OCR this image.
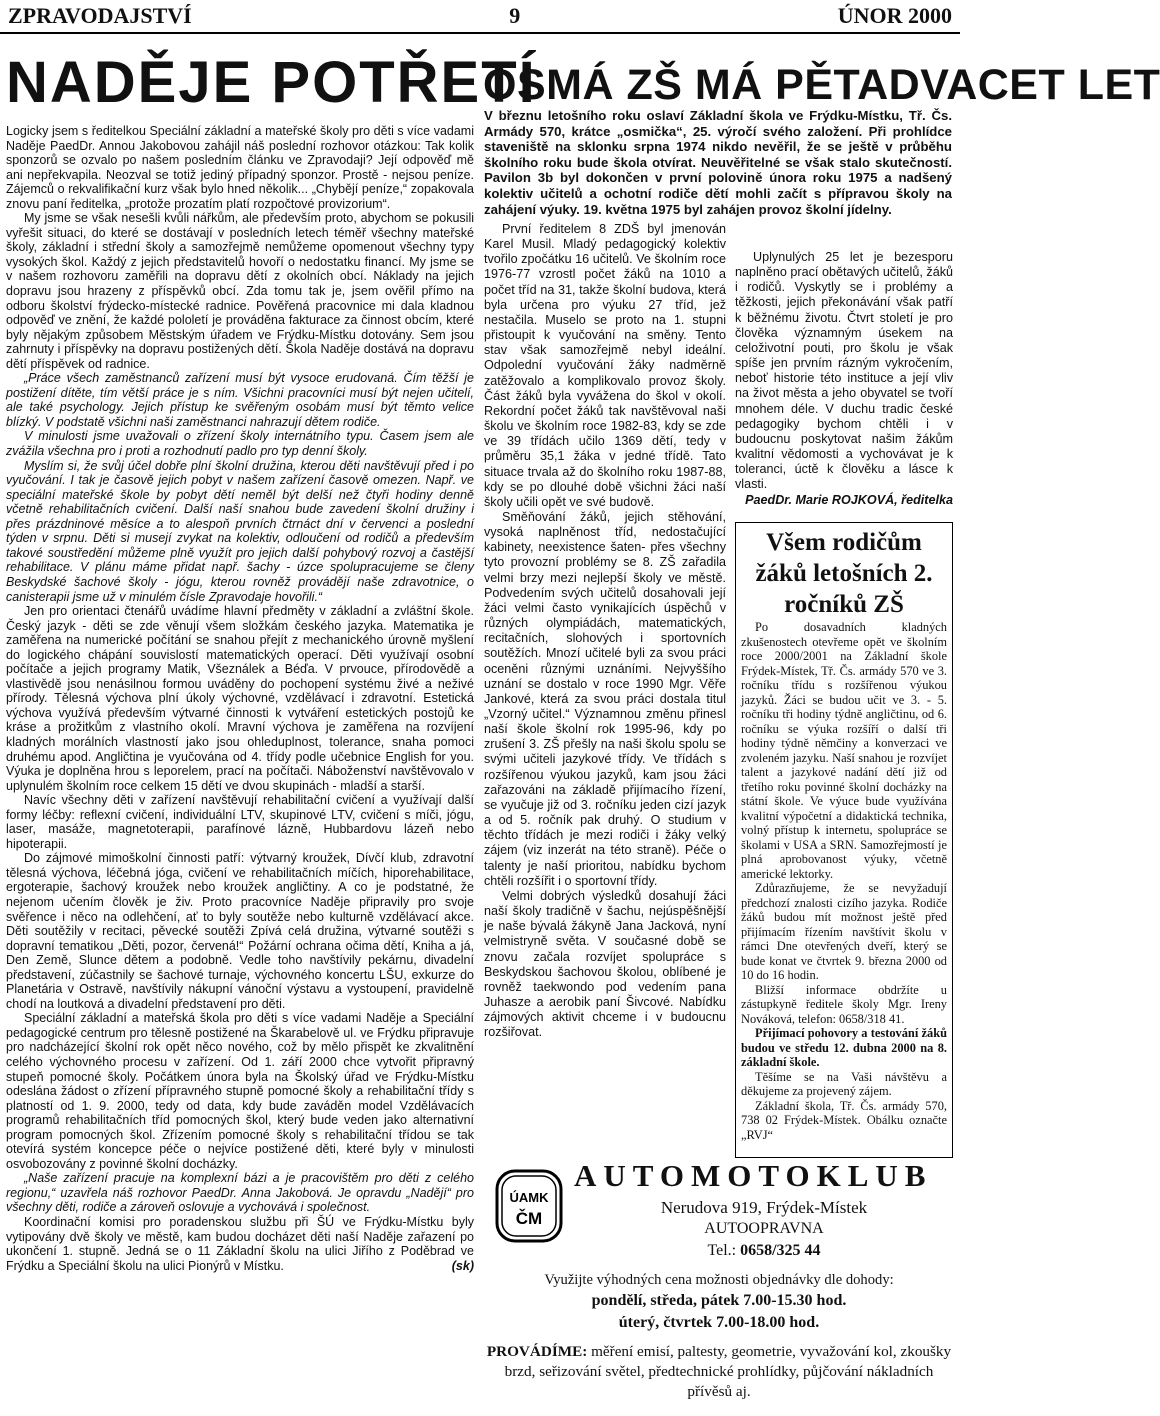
ZPRAVODAJSTVÍ	9	ÚNOR 2000
NADĚJE POTŘETÍ

Logicky jsem s ředitelkou Speciální základní a mateřské školy pro děti s více vadami Naděje PaedDr. Annou Jakobovou zahájil náš poslední rozhovor otázkou: Tak kolik sponzorů se ozvalo po našem posledním článku ve Zpravodaji? Její odpověď mě ani nepřekvapila. Neozval se totiž jediný případný sponzor. Prostě - nejsou peníze. Zájemců o rekvalifikační kurz však bylo hned několik... „Chybějí peníze,“ zopakovala znovu paní ředitelka, „protože prozatím platí rozpočtové provizorium“.

My jsme se však nesešli kvůli nářkům, ale především proto, abychom se pokusili vyřešit situaci, do které se dostávají v posledních letech téměř všechny mateřské školy, základní i střední školy a samozřejmě nemůžeme opomenout všechny typy vysokých škol. Každý z jejich představitelů hovoří o nedostatku financí. My jsme se v našem rozhovoru zaměřili na dopravu dětí z okolních obcí. Náklady na jejich dopravu jsou hrazeny z příspěvků obcí. Zda tomu tak je, jsem ověřil přímo na odboru školství frýdecko-místecké radnice. Pověřená pracovnice mi dala kladnou odpověď ve znění, že každé pololetí je prováděna fakturace za činnost obcím, které byly nějakým způsobem Městským úřadem ve Frýdku-Místku dotovány. Sem jsou zahrnuty i příspěvky na dopravu postižených dětí. Škola Naděje dostává na dopravu dětí příspěvek od radnice.

„Práce všech zaměstnanců zařízení musí být vysoce erudovaná. Čím těžší je postižení dítěte, tím větší práce je s ním. Všichni pracovníci musí být nejen učitelí, ale také psychology. Jejich přístup ke svěřeným osobám musí být těmto velice blízký. V podstatě všichni naši zaměstnanci nahrazují dětem rodiče.

V minulosti jsme uvažovali o zřízení školy internátního typu. Časem jsem ale zvážila všechna pro i proti a rozhodnutí padlo pro typ denní školy.

Myslím si, že svůj účel dobře plní školní družina, kterou děti navštěvují před i po vyučování. I tak je časově jejich pobyt v našem zařízení časově omezen. Např. ve speciální mateřské škole by pobyt dětí neměl být delší než čtyři hodiny denně včetně rehabilitačních cvičení. Další naší snahou bude zavedení školní družiny i přes prázdninové měsíce a to alespoň prvních čtrnáct dní v červenci a poslední týden v srpnu. Děti si musejí zvykat na kolektiv, odloučení od rodičů a především takové soustředění můžeme plně využít pro jejich další pohybový rozvoj a častější rehabilitace. V plánu máme přidat např. šachy - úzce spolupracujeme se členy Beskydské šachové školy - jógu, kterou rovněž provádějí naše zdravotnice, o canisterapii jsme už v minulém čísle Zpravodaje hovořili.“

Jen pro orientaci čtenářů uvádíme hlavní předměty v základní a zvláštní škole. Český jazyk - děti se zde věnují všem složkám českého jazyka. Matematika je zaměřena na numerické počítání se snahou přejít z mechanického úrovně myšlení do logického chápání souvislostí matematických operací. Děti využívají osobní počítače a jejich programy Matik, Všeználek a Béďa. V prvouce, přírodovědě a vlastivědě jsou nenásilnou formou uváděny do pochopení systému živé a neživé přírody. Tělesná výchova plní úkoly výchovné, vzdělávací i zdravotní. Estetická výchova využívá především výtvarné činnosti k vytváření estetických postojů ke kráse a prožitkům z vlastního okolí. Mravní výchova je zaměřena na rozvíjení kladných morálních vlastností jako jsou ohleduplnost, tolerance, snaha pomoci druhému apod. Angličtina je vyučována od 4. třídy podle učebnice English for you. Výuka je doplněna hrou s leporelem, prací na počítači. Náboženství navštěvovalo v uplynulém školním roce celkem 15 dětí ve dvou skupinách - mladší a starší.

Navíc všechny děti v zařízení navštěvují rehabilitační cvičení a využívají další formy léčby: reflexní cvičení, individuální LTV, skupinové LTV, cvičení s míči, jógu, laser, masáže, magnetoterapii, parafínové lázně, Hubbardovu lázeň nebo hipoterapii.

Do zájmové mimoškolní činnosti patří: výtvarný kroužek, Dívčí klub, zdravotní tělesná výchova, léčebná jóga, cvičení ve rehabilitačních míčích, hiporehabilitace, ergoterapie, šachový kroužek nebo kroužek angličtiny. A co je podstatné, že nejenom učením člověk je živ. Proto pracovníce Naděje připravily pro svoje svěřence i něco na odlehčení, ať to byly soutěže nebo kulturně vzdělávací akce. Děti soutěžily v recitaci, pěvecké soutěži Zpívá celá družina, výtvarné soutěži s dopravní tematikou „Děti, pozor, červená!“ Požární ochrana očima dětí, Kniha a já, Den Země, Slunce dětem a podobně. Vedle toho navštívily pekárnu, divadelní představení, zúčastnily se šachové turnaje, výchovného koncertu LŠU, exkurze do Planetária v Ostravě, navštívily nákupní vánoční výstavu a vystoupení, pravidelně chodí na loutková a divadelní představení pro děti.

Speciální základní a mateřská škola pro děti s více vadami Naděje a Speciální pedagogické centrum pro tělesně postižené na Škarabelově ul. ve Frýdku připravuje pro nadcházející školní rok opět něco nového, což by mělo přispět ke zkvalitnění celého výchovného procesu v zařízení. Od 1. září 2000 chce vytvořit připravný stupeň pomocné školy. Počátkem února byla na Školský úřad ve Frýdku-Místku odeslána žádost o zřízení přípravného stupně pomocné školy a rehabilitační třídy s platností od 1. 9. 2000, tedy od data, kdy bude zaváděn model Vzdělávacích programů rehabilitačních tříd pomocných škol, který bude veden jako alternativní program pomocných škol. Zřízením pomocné školy s rehabilitační třídou se tak otevírá systém koncepce péče o nejvíce postižené děti, které byly v minulosti osvobozovány z povinné školní docházky.

„Naše zařízení pracuje na komplexní bázi a je pracovištěm pro děti z celého regionu,“ uzavřela náš rozhovor PaedDr. Anna Jakobová. Je opravdu „Nadějí“ pro všechny děti, rodiče a zároveň oslovuje a vychovává i společnost.

Koordinační komisi pro poradenskou službu při ŠÚ ve Frýdku-Místku byly vytipovány dvě školy ve městě, kam budou docházet děti naší Naděje zařazení po ukončení 1. stupně. Jedná se o 11 Základní školu na ulici Jiřího z Poděbrad ve Frýdku a Speciální školu na ulici Pionýrů v Místku.	(sk)

OSMÁ ZŠ MÁ PĚTADVACET LET
V březnu letošního roku oslaví Základní škola ve Frýdku-Místku, Tř. Čs. Armády 570, krátce „osmička“, 25. výročí svého založení. Při prohlídce staveniště na sklonku srpna 1974 nikdo nevěřil, že se ještě v průběhu školního roku bude škola otvírat. Neuvěřitelné se však stalo skutečností. Pavilon 3b byl dokončen v první polovině února roku 1975 a nadšený kolektiv učitelů a ochotní rodiče dětí mohli začít s přípravou školy na zahájení výuky. 19. května 1975 byl zahájen provoz školní jídelny.

První ředitelem 8 ZDŠ byl jmenován Karel Musil. Mladý pedagogický kolektiv tvořilo zpočátku 16 učitelů. Ve školním roce 1976-77 vzrostl počet žáků na 1010 a počet tříd na 31, takže školní budova, která byla určena pro výuku 27 tříd, jež nestačila. Muselo se proto na 1. stupni přistoupit k vyučování na směny. Tento stav však samozřejmě nebyl ideální. Odpolední vyučování žáky nadměrně zatěžovalo a komplikovalo provoz školy. Část žáků byla vyvážena do škol v okolí. Rekordní počet žáků tak navštěvoval naši školu ve školním roce 1982-83, kdy se zde ve 39 třídách učilo 1369 dětí, tedy v průměru 35,1 žáka v jedné třídě. Tato situace trvala až do školního roku 1987-88, kdy se po dlouhé době všichni žáci naší školy učili opět ve své budově.

Směňování žáků, jejich stěhování, vysoká naplněnost tříd, nedostačující kabinety, neexistence šaten- přes všechny tyto provozní problémy se 8. ZŠ zařadila velmi brzy mezi nejlepší školy ve městě. Podvedením svých učitelů dosahovali její žáci velmi často vynikajících úspěchů v různých olympiádách, matematických, recitačních, slohových i sportovních soutěžích. Mnozí učitelé byli za svou práci oceněni různými uznáními. Nejvyššího uznání se dostalo v roce 1990 Mgr. Věře Jankové, která za svou práci dostala titul „Vzorný učitel.“ Významnou změnu přinesl naší škole školní rok 1995-96, kdy po zrušení 3. ZŠ přešly na naši školu spolu se svými učiteli jazykové třídy. Ve třídách s rozšířenou výukou jazyků, kam jsou žáci zařazováni na základě přijímacího řízení, se vyučuje již od 3. ročníku jeden cizí jazyk a od 5. ročník pak druhý. O studium v těchto třídách je mezi rodiči i žáky velký zájem (viz inzerát na této straně). Péče o talenty je naší prioritou, nabídku bychom chtěli rozšířit i o sportovní třídy.

Velmi dobrých výsledků dosahují žáci naší školy tradičně v šachu, nejúspěšnější je naše bývalá žákyně Jana Jacková, nyní velmistryně světa. V současné době se znovu začala rozvíjet spolupráce s Beskydskou šachovou školou, oblíbené je rovněž taekwondo pod vedením pana Juhasze a aerobik paní Šivcové. Nabídku zájmových aktivit chceme i v budoucnu rozšiřovat.

Uplynulých 25 let je bezesporu naplněno prací obětavých učitelů, žáků i rodičů. Vyskytly se i problémy a těžkosti, jejich překonávání však patří k běžnému životu. Čtvrt století je pro člověka významným úsekem na celoživotní pouti, pro školu je však spíše jen prvním rázným vykročením, neboť historie této instituce a její vliv na život města a jeho obyvatel se tvoří mnohem déle. V duchu tradic české pedagogiky bychom chtěli i v budoucnu poskytovat našim žákům kvalitní vědomosti a vychovávat je k toleranci, úctě k člověku a lásce k vlasti.

PaedDr. Marie ROJKOVÁ, ředitelka

Všem rodičům žáků letošních 2. ročníků ZŠ

Po dosavadních kladných zkušenostech otevřeme opět ve školním roce 2000/2001 na Základní škole Frýdek-Místek, Tř. Čs. armády 570 ve 3. ročníku třídu s rozšířenou výukou jazyků. Žáci se budou učit ve 3. - 5. ročníku tři hodiny týdně angličtinu, od 6. ročníku se výuka rozšíří o další tři hodiny týdně němčiny a konverzaci ve zvoleném jazyku. Naší snahou je rozvíjet talent a jazykové nadání dětí již od třetího roku povinné školní docházky na státní škole. Ve výuce bude využívána kvalitní výpočetní a didaktická technika, volný přístup k internetu, spolupráce se školami v USA a SRN. Samozřejmostí je plná aprobovanost výuky, včetně americké lektorky.

Zdůrazňujeme, že se nevyžadují předchozí znalosti cizího jazyka. Rodiče žáků budou mít možnost ještě před přijímacím řízením navštívit školu v rámci Dne otevřených dveří, který se bude konat ve čtvrtek 9. března 2000 od 10 do 16 hodin.

Bližší informace obdržíte u zástupkyně ředitele školy Mgr. Ireny Nováková, telefon: 0658/318 41.

Přijímací pohovory a testování žáků budou ve středu 12. dubna 2000 na 8. základní škole.

Těšíme se na Vaši návštěvu a děkujeme za projevený zájem.

Základní škola, Tř. Čs. armády 570, 738 02 Frýdek-Místek. Obálku označte „RVJ“

ÚAMK
ČM
AUTOMOTOKLUB
Nerudova 919, Frýdek-Místek
AUTOOPRAVNA
Tel.: 0658/325 44
Využijte výhodných cena možnosti objednávky dle dohody:
pondělí, středa, pátek 7.00-15.30 hod.
úterý, čtvrtek 7.00-18.00 hod.
PROVÁDÍME: měření emisí, paltesty, geometrie, vyvažování kol, zkoušky brzd, seřizování světel, předtechnické prohlídky, půjčování nákladních přívěsů aj.
